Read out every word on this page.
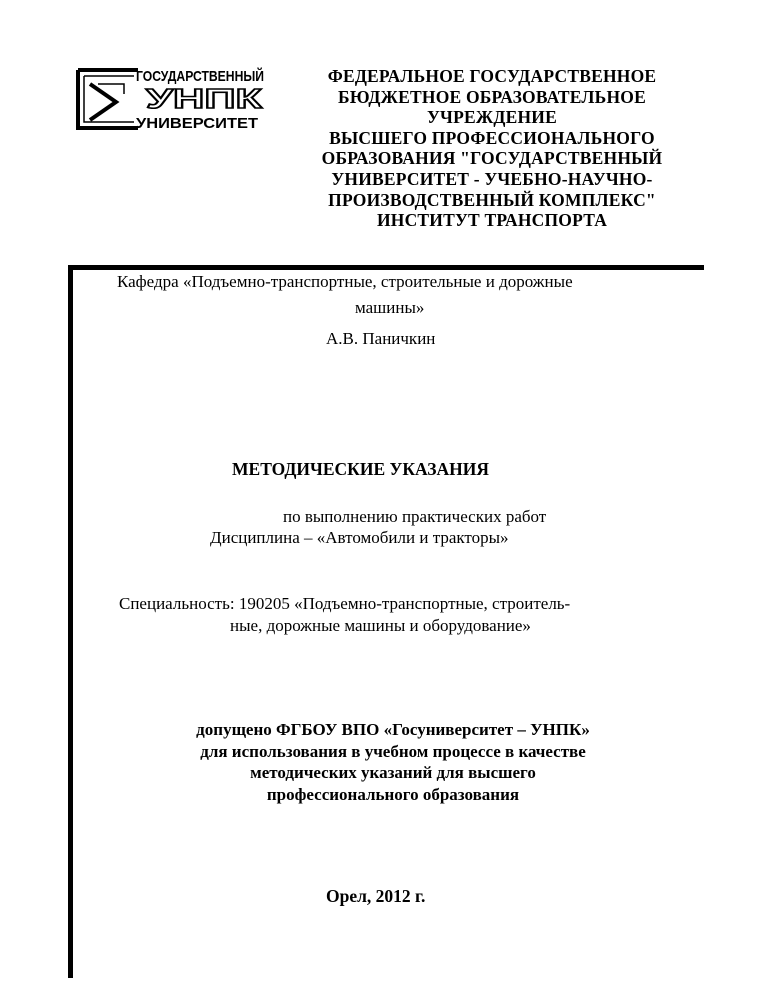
ГОСУДАРСТВЕННЫЙ
УНПК
УНИВЕРСИТЕТ
ФЕДЕРАЛЬНОЕ ГОСУДАРСТВЕННОЕ
БЮДЖЕТНОЕ ОБРАЗОВАТЕЛЬНОЕ
УЧРЕЖДЕНИЕ
ВЫСШЕГО ПРОФЕССИОНАЛЬНОГО
ОБРАЗОВАНИЯ "ГОСУДАРСТВЕННЫЙ
УНИВЕРСИТЕТ - УЧЕБНО-НАУЧНО-
ПРОИЗВОДСТВЕННЫЙ КОМПЛЕКС"
ИНСТИТУТ ТРАНСПОРТА
Кафедра «Подъемно-транспортные, строительные и дорожные
машины»
А.В. Паничкин
МЕТОДИЧЕСКИЕ УКАЗАНИЯ
по выполнению практических работ
Дисциплина – «Автомобили и тракторы»
Специальность: 190205 «Подъемно-транспортные, строитель-
ные, дорожные машины и оборудование»
допущено ФГБОУ ВПО «Госуниверситет – УНПК»
для использования в учебном процессе в качестве
методических указаний для высшего
профессионального образования
Орел, 2012 г.
